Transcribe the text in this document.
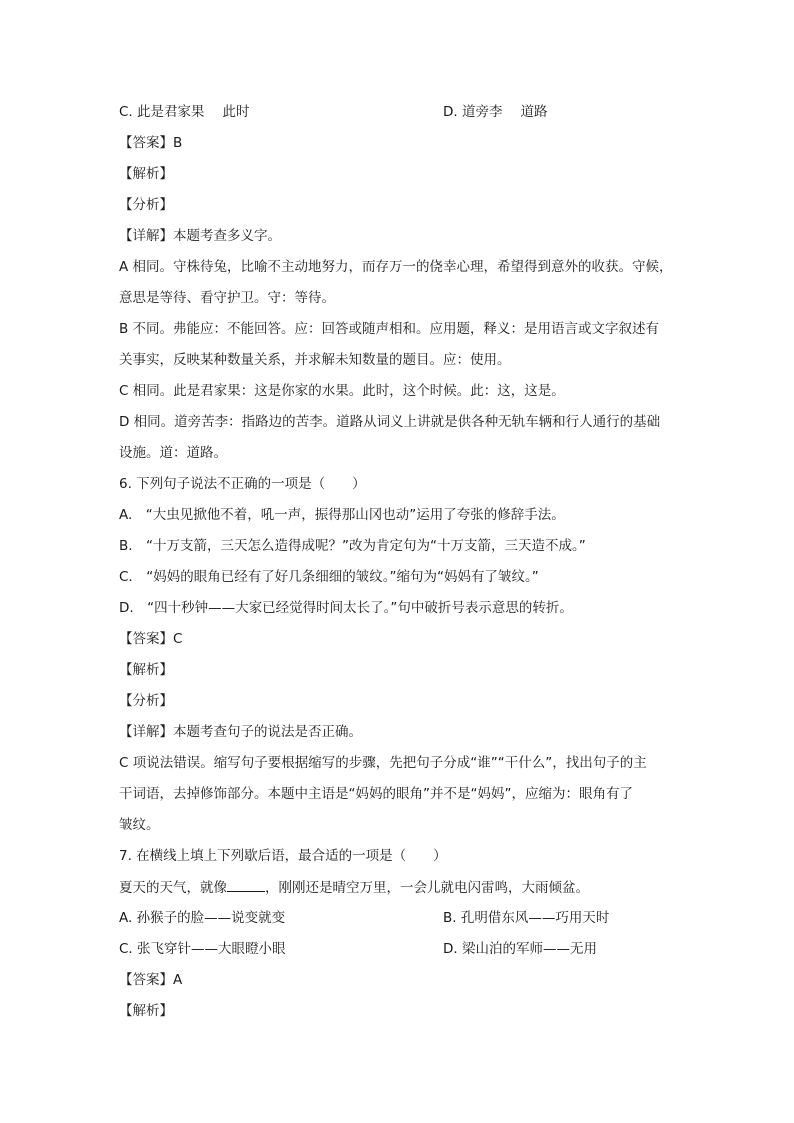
C. 此是君家果 此时	D. 道旁李 道路
【答案】B
【解析】
【分析】
【详解】本题考查多义字。
A 相同。守株待兔，比喻不主动地努力，而存万一的侥幸心理，希望得到意外的收获。守候，
意思是等待、看守护卫。守：等待。
B 不同。弗能应：不能回答。应：回答或随声相和。应用题，释义：是用语言或文字叙述有
关事实，反映某种数量关系，并求解未知数量的题目。应：使用。
C 相同。此是君家果：这是你家的水果。此时，这个时候。此：这，这是。
D 相同。道旁苦李：指路边的苦李。道路从词义上讲就是供各种无轨车辆和行人通行的基础
设施。道：道路。
6. 下列句子说法不正确的一项是（　　）
A.　“大虫见掀他不着，吼一声，振得那山冈也动”运用了夸张的修辞手法。
B.　“十万支箭，三天怎么造得成呢？”改为肯定句为“十万支箭，三天造不成。”
C.　“妈妈的眼角已经有了好几条细细的皱纹。”缩句为“妈妈有了皱纹。”
D.　“四十秒钟——大家已经觉得时间太长了。”句中破折号表示意思的转折。
【答案】C
【解析】
【分析】
【详解】本题考查句子的说法是否正确。
C 项说法错误。缩写句子要根据缩写的步骤，先把句子分成“谁”“干什么”，找出句子的主
干词语，去掉修饰部分。本题中主语是“妈妈的眼角”并不是“妈妈”，应缩为：眼角有了
皱纹。
7. 在横线上填上下列歇后语，最合适的一项是（　　）
夏天的天气，就像	，刚刚还是晴空万里，一会儿就电闪雷鸣，大雨倾盆。
A. 孙猴子的脸——说变就变	B. 孔明借东风——巧用天时
C. 张飞穿针——大眼瞪小眼	D. 梁山泊的军师——无用
【答案】A
【解析】
